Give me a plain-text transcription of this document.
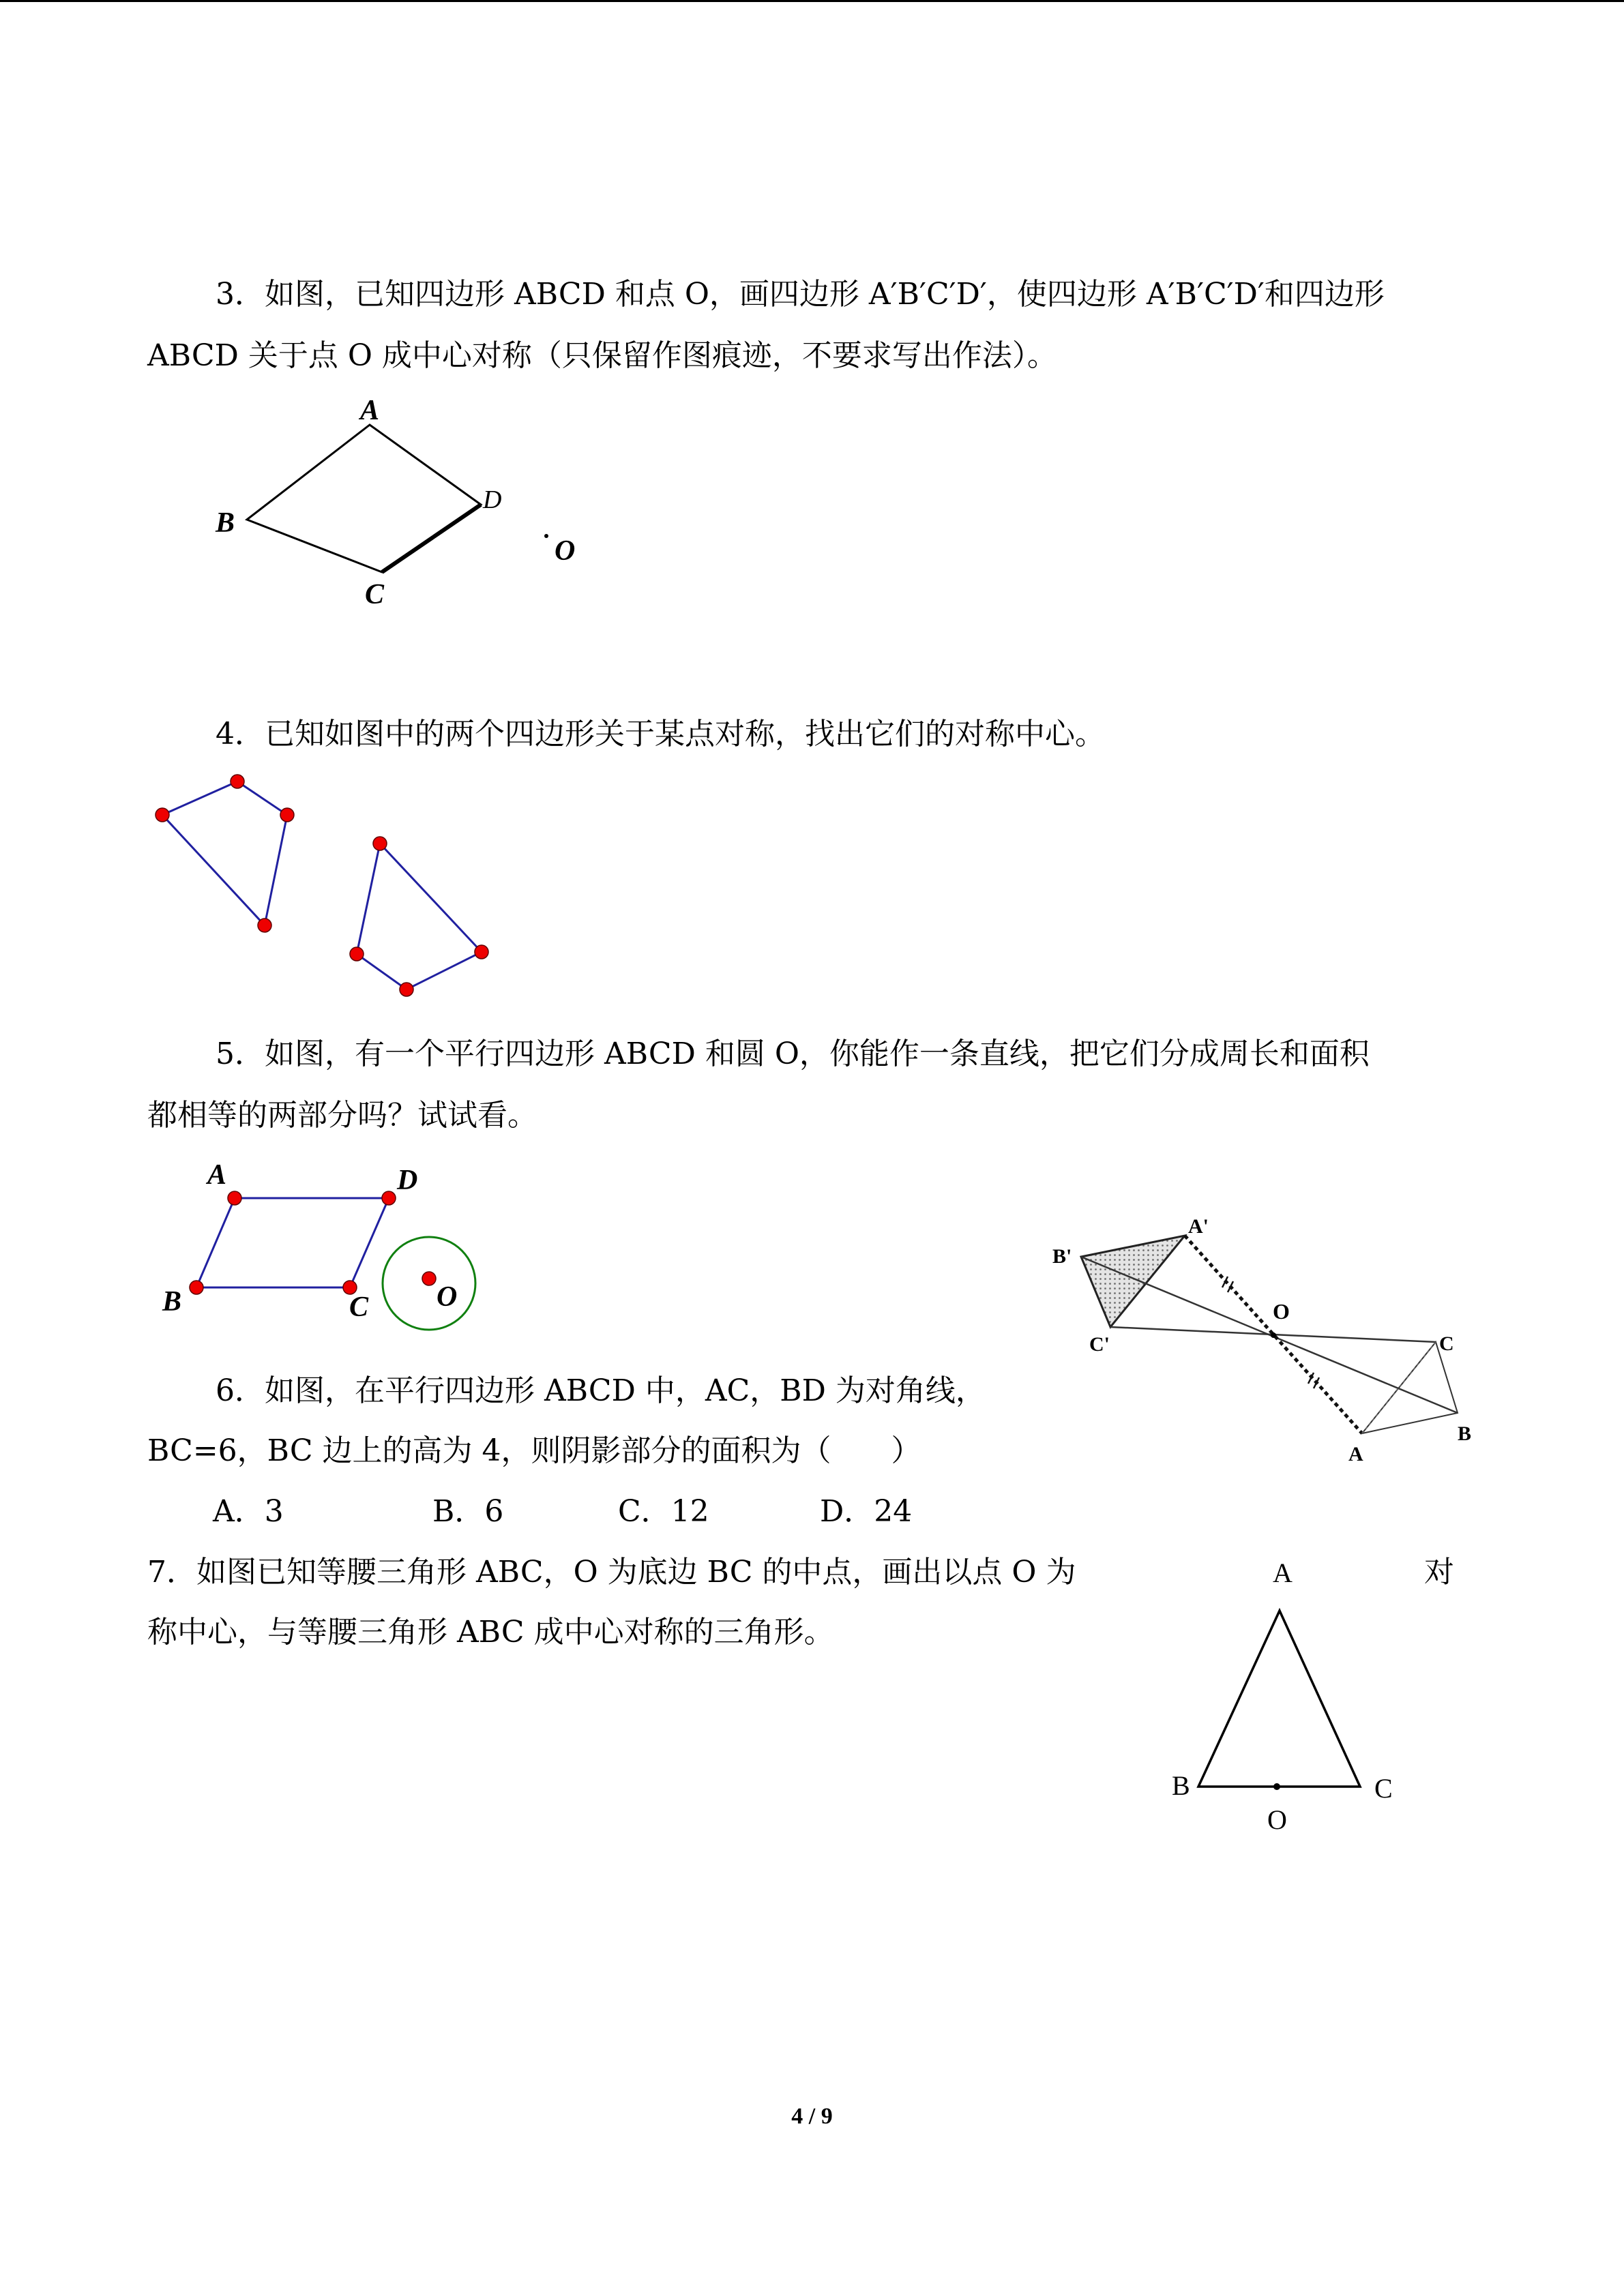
3．如图，已知四边形 ABCD 和点 O，画四边形 A′B′C′D′，使四边形 A′B′C′D′和四边形
ABCD 关于点 O 成中心对称（只保留作图痕迹，不要求写出作法）。
A
B
C
D
O
4．已知如图中的两个四边形关于某点对称，找出它们的对称中心。
5．如图，有一个平行四边形 ABCD 和圆 O，你能作一条直线，把它们分成周长和面积
都相等的两部分吗？试试看。
A	D
B	C O
6．如图，在平行四边形 ABCD 中，AC，BD 为对角线，
BC=6，BC 边上的高为 4，则阴影部分的面积为（　　）
A．3	B．6	C．12	D．24
A'
B'
C'
O
C
B
A
7．如图已知等腰三角形 ABC，O 为底边 BC 的中点，画出以点 O 为	对
称中心，与等腰三角形 ABC 成中心对称的三角形。
A
B	C
O
4 / 9
